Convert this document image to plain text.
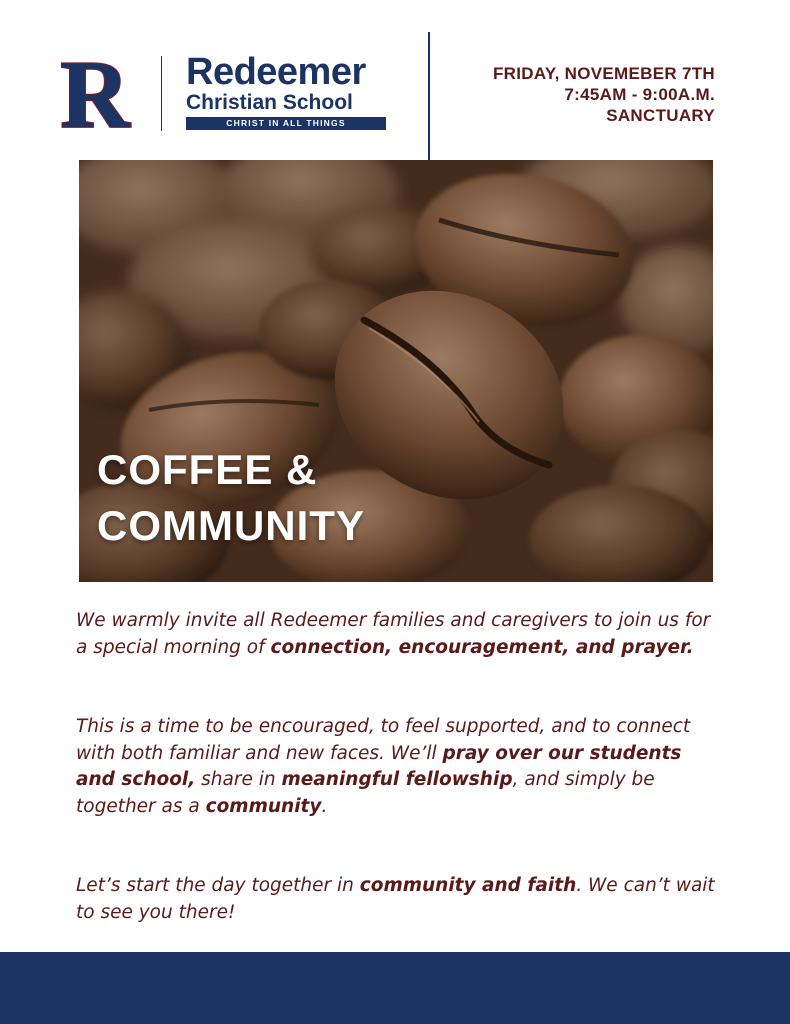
R Redeemer
Christian School
CHRIST IN ALL THINGS
FRIDAY, NOVEMEBER 7TH
7:45AM - 9:00A.M.
SANCTUARY
COFFEE &
COMMUNITY
We warmly invite all Redeemer families and caregivers to join us for a special morning of connection, encouragement, and prayer.
This is a time to be encouraged, to feel supported, and to connect with both familiar and new faces. We’ll pray over our students and school, share in meaningful fellowship, and simply be together as a community.
Let’s start the day together in community and faith. We can’t wait to see you there!
